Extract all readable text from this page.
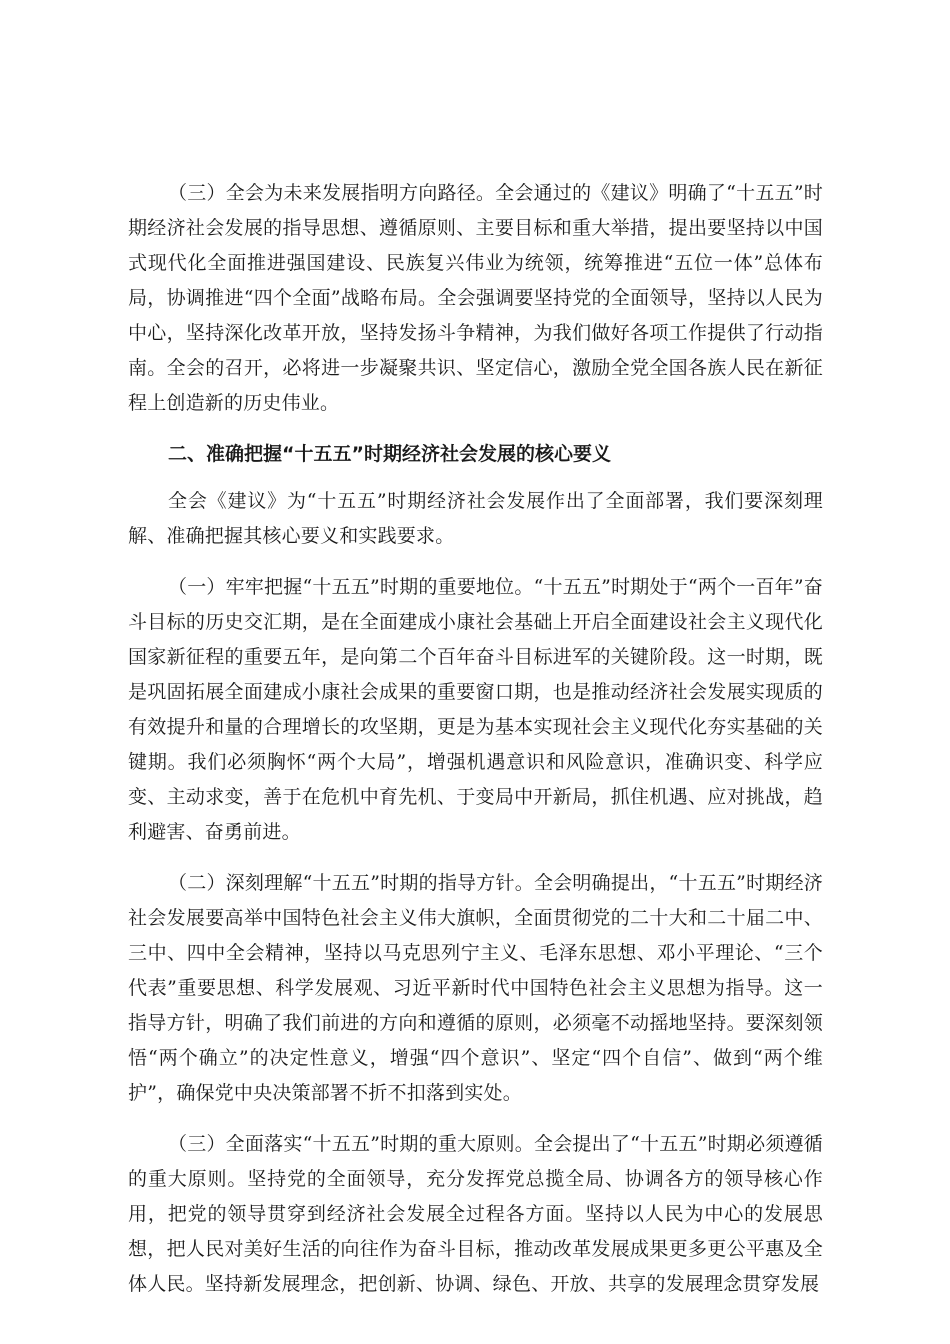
（三）全会为未来发展指明方向路径。全会通过的《建议》明确了“十五五”时期经济社会发展的指导思想、遵循原则、主要目标和重大举措，提出要坚持以中国式现代化全面推进强国建设、民族复兴伟业为统领，统筹推进“五位一体”总体布局，协调推进“四个全面”战略布局。全会强调要坚持党的全面领导，坚持以人民为中心，坚持深化改革开放，坚持发扬斗争精神，为我们做好各项工作提供了行动指南。全会的召开，必将进一步凝聚共识、坚定信心，激励全党全国各族人民在新征程上创造新的历史伟业。

二、准确把握“十五五”时期经济社会发展的核心要义

全会《建议》为“十五五”时期经济社会发展作出了全面部署，我们要深刻理解、准确把握其核心要义和实践要求。

（一）牢牢把握“十五五”时期的重要地位。“十五五”时期处于“两个一百年”奋斗目标的历史交汇期，是在全面建成小康社会基础上开启全面建设社会主义现代化国家新征程的重要五年，是向第二个百年奋斗目标进军的关键阶段。这一时期，既是巩固拓展全面建成小康社会成果的重要窗口期，也是推动经济社会发展实现质的有效提升和量的合理增长的攻坚期，更是为基本实现社会主义现代化夯实基础的关键期。我们必须胸怀“两个大局”，增强机遇意识和风险意识，准确识变、科学应变、主动求变，善于在危机中育先机、于变局中开新局，抓住机遇、应对挑战，趋利避害、奋勇前进。

（二）深刻理解“十五五”时期的指导方针。全会明确提出，“十五五”时期经济社会发展要高举中国特色社会主义伟大旗帜，全面贯彻党的二十大和二十届二中、三中、四中全会精神，坚持以马克思列宁主义、毛泽东思想、邓小平理论、“三个代表”重要思想、科学发展观、习近平新时代中国特色社会主义思想为指导。这一指导方针，明确了我们前进的方向和遵循的原则，必须毫不动摇地坚持。要深刻领悟“两个确立”的决定性意义，增强“四个意识”、坚定“四个自信”、做到“两个维护”，确保党中央决策部署不折不扣落到实处。

（三）全面落实“十五五”时期的重大原则。全会提出了“十五五”时期必须遵循的重大原则。坚持党的全面领导，充分发挥党总揽全局、协调各方的领导核心作用，把党的领导贯穿到经济社会发展全过程各方面。坚持以人民为中心的发展思想，把人民对美好生活的向往作为奋斗目标，推动改革发展成果更多更公平惠及全体人民。坚持新发展理念，把创新、协调、绿色、开放、共享的发展理念贯穿发展
